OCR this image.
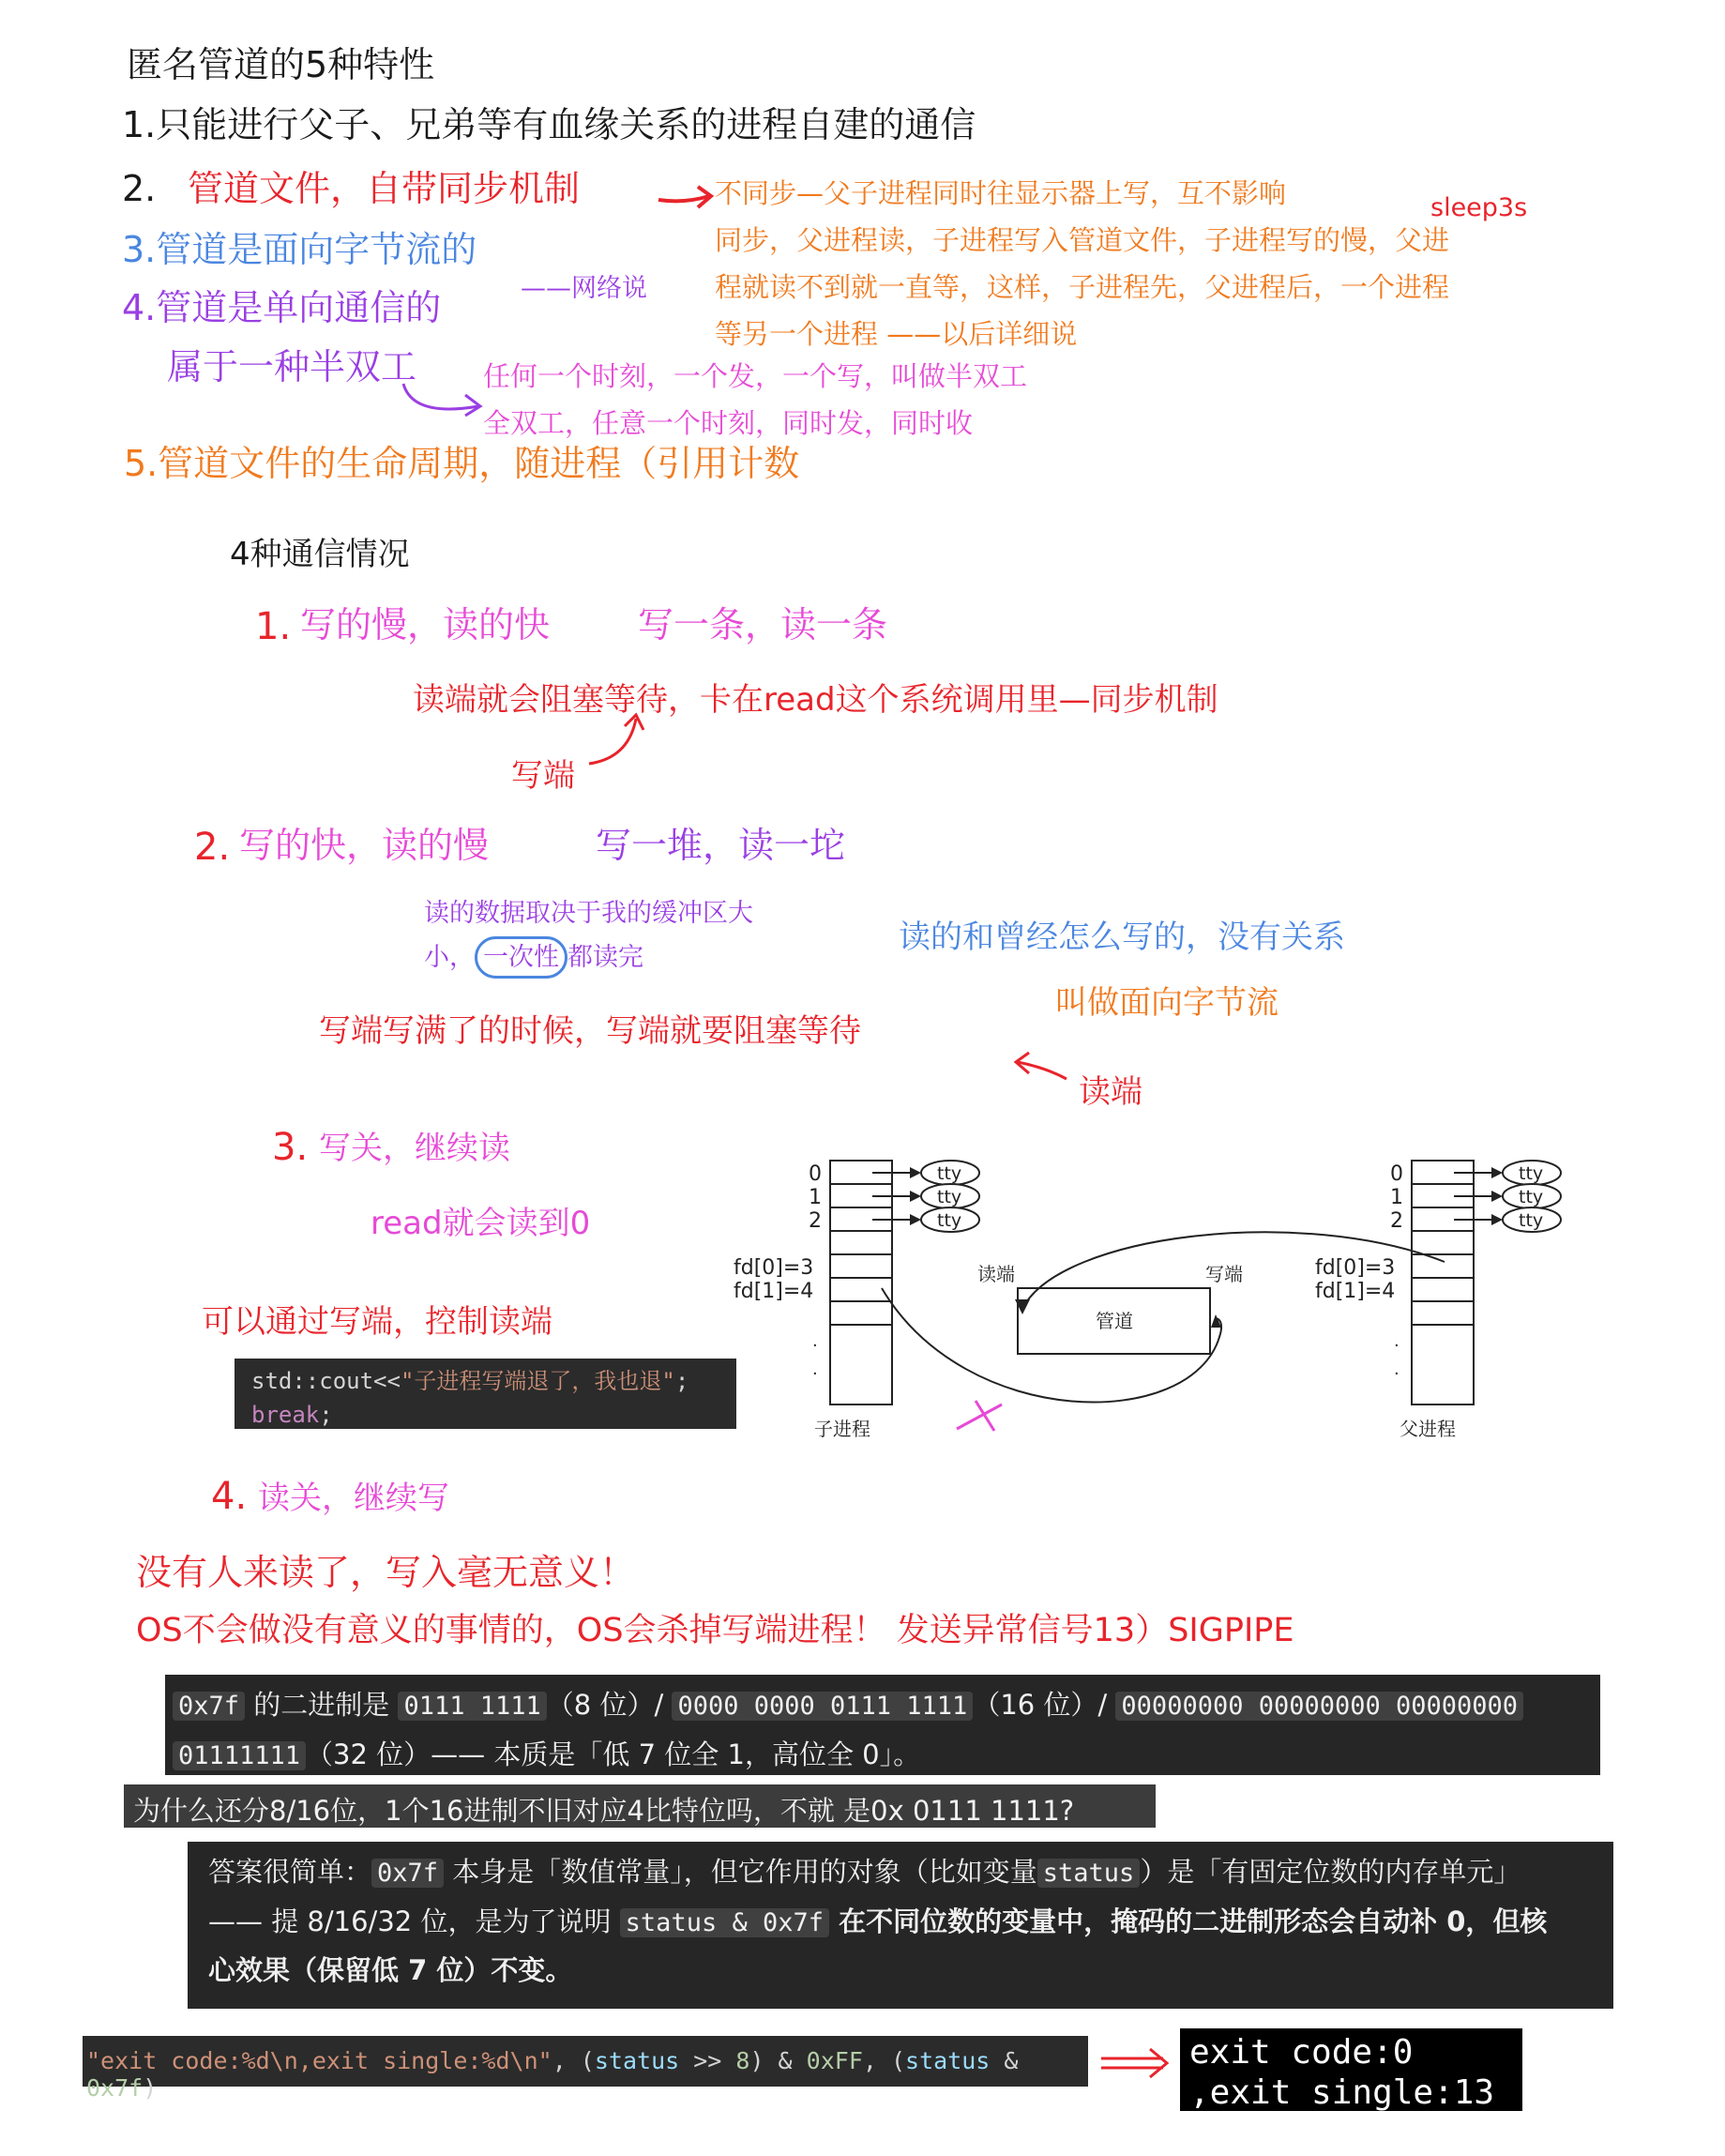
匿名管道的5种特性
1.只能进行父子、兄弟等有血缘关系的进程自建的通信
2. 管道文件，自带同步机制	不同步—父子进程同时往显示器上写，互不影响	sleep3s
同步，父进程读，子进程写入管道文件，子进程写的慢，父进
程就读不到就一直等，这样，子进程先，父进程后，一个进程
等另一个进程 ——以后详细说
3.管道是面向字节流的
4.管道是单向通信的	——网络说
属于一种半双工 任何一个时刻，一个发，一个写，叫做半双工
全双工，任意一个时刻，同时发，同时收
5.管道文件的生命周期，随进程（引用计数
4种通信情况
1. 写的慢，读的快 写一条，读一条
读端就会阻塞等待，卡在read这个系统调用里—同步机制
写端
2. 写的快，读的慢	写一堆，读一坨
读的数据取决于我的缓冲区大
小， 一次性 都读完
读的和曾经怎么写的，没有关系
叫做面向字节流
写端写满了的时候，写端就要阻塞等待
读端
3. 写关，继续读
read就会读到0
可以通过写端，控制读端
std::cout<<"子进程写端退了，我也退";
break;
0
1
2
fd[0]=3
fd[1]=4
.
.
子进程
tty
tty
tty
0
1
2
fd[0]=3
fd[1]=4
.
.
父进程
tty
tty
tty
管道
读端	写端
4. 读关，继续写
没有人来读了，写入毫无意义！
OS不会做没有意义的事情的，OS会杀掉写端进程！ 发送异常信号13）SIGPIPE
0x7f 的二进制是 0111 1111 （8 位）/ 0000 0000 0111 1111 （16 位）/ 00000000 00000000 00000000
01111111 （32 位）—— 本质是「低 7 位全 1，高位全 0」。
为什么还分8/16位，1个16进制不旧对应4比特位吗，不就 是0x 0111 1111?
答案很简单： 0x7f 本身是「数值常量」，但它作用的对象（比如变量 status ）是「有固定位数的内存单元」
—— 提 8/16/32 位，是为了说明 status & 0x7f 在不同位数的变量中，掩码的二进制形态会自动补 0，但核
心效果（保留低 7 位）不变。
"exit code:%d\n,exit single:%d\n", (status >> 8) & 0xFF, (status & 0x7f)
exit code:0
,exit single:13
